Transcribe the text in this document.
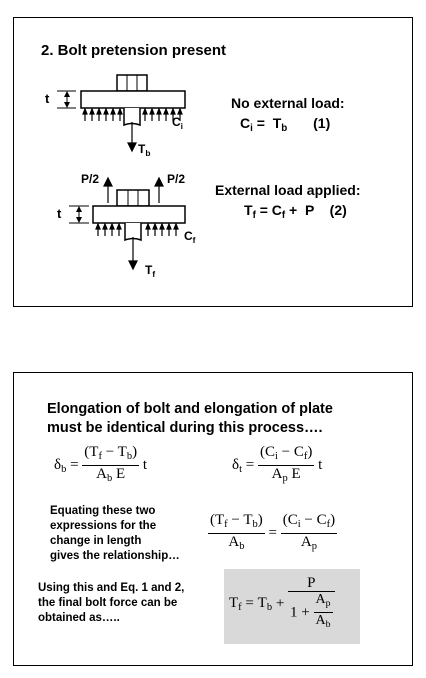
2. Bolt pretension present
t
$C_i$
$T_b$
No external load:
$C_i = T_b$ (1)
P/2	P/2
t
$C_f$
$T_f$
External load applied:
$T_f = C_f + P$ (2)
Elongation of bolt and elongation of plate
must be identical during this process….
$\delta_b = \frac{(T_f - T_b)}{A_b E}$ t	$\delta_t = \frac{(C_i - C_f)}{A_p E}$ t
Equating these two
expressions for the
change in length
gives the relationship…
$\frac{(T_f - T_b)}{A_b} = \frac{(C_i - C_f)}{A_p}$
Using this and Eq. 1 and 2,
the final bolt force can be
obtained as…..
$T_f = T_b + \frac{P}{1 + \frac{A_p}{A_b}}$
